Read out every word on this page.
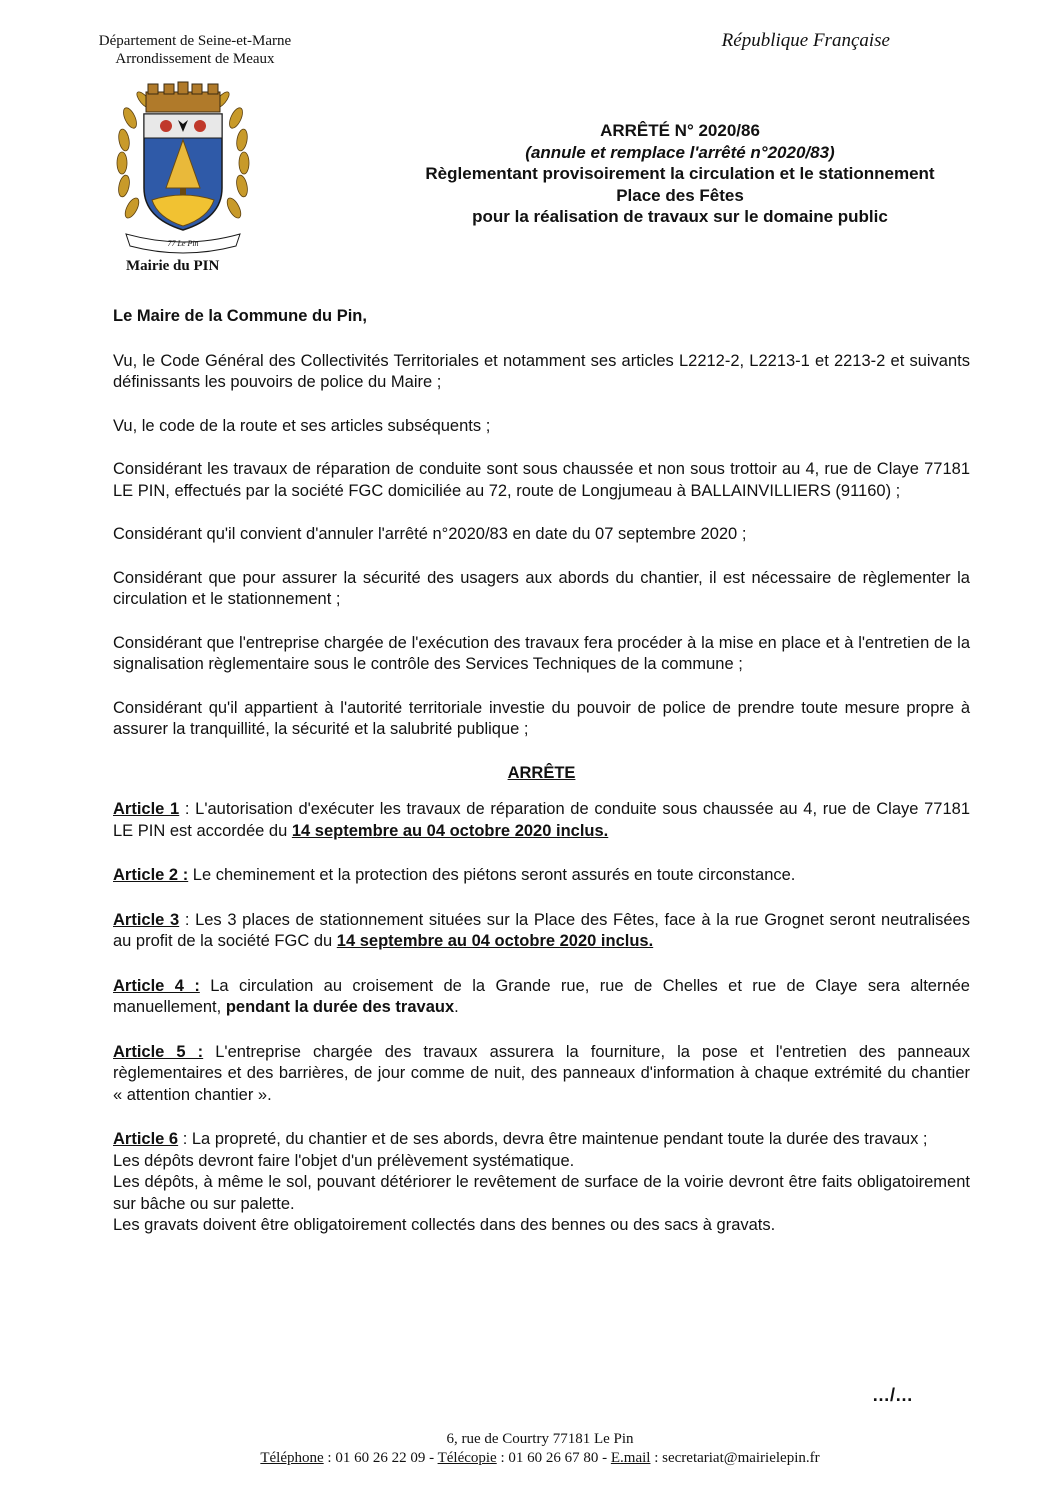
Département de Seine-et-Marne
Arrondissement de Meaux
République Française
77 Le Pin
Mairie du PIN
ARRÊTÉ N° 2020/86
(annule et remplace l'arrêté n°2020/83)
Règlementant provisoirement la circulation et le stationnement
Place des Fêtes
pour la réalisation de travaux sur le domaine public

Le Maire de la Commune du Pin,

Vu, le Code Général des Collectivités Territoriales et notamment ses articles L2212-2, L2213-1 et 2213-2 et suivants définissants les pouvoirs de police du Maire ;

Vu, le code de la route et ses articles subséquents ;

Considérant les travaux de réparation de conduite sont sous chaussée et non sous trottoir au 4, rue de Claye 77181 LE PIN, effectués par la société FGC domiciliée au 72, route de Longjumeau à BALLAINVILLIERS (91160) ;

Considérant qu'il convient d'annuler l'arrêté n°2020/83 en date du 07 septembre 2020 ;

Considérant que pour assurer la sécurité des usagers aux abords du chantier, il est nécessaire de règlementer la circulation et le stationnement ;

Considérant que l'entreprise chargée de l'exécution des travaux fera procéder à la mise en place et à l'entretien de la signalisation règlementaire sous le contrôle des Services Techniques de la commune ;

Considérant qu'il appartient à l'autorité territoriale investie du pouvoir de police de prendre toute mesure propre à assurer la tranquillité, la sécurité et la salubrité publique ;

ARRÊTE

Article 1 : L'autorisation d'exécuter les travaux de réparation de conduite sous chaussée au 4, rue de Claye 77181 LE PIN est accordée du 14 septembre au 04 octobre 2020 inclus.

Article 2 : Le cheminement et la protection des piétons seront assurés en toute circonstance.

Article 3 : Les 3 places de stationnement situées sur la Place des Fêtes, face à la rue Grognet seront neutralisées au profit de la société FGC du 14 septembre au 04 octobre 2020 inclus.

Article 4 : La circulation au croisement de la Grande rue, rue de Chelles et rue de Claye sera alternée manuellement, pendant la durée des travaux.

Article 5 : L'entreprise chargée des travaux assurera la fourniture, la pose et l'entretien des panneaux règlementaires et des barrières, de jour comme de nuit, des panneaux d'information à chaque extrémité du chantier « attention chantier ».

Article 6 : La propreté, du chantier et de ses abords, devra être maintenue pendant toute la durée des travaux ;

Les dépôts devront faire l'objet d'un prélèvement systématique.

Les dépôts, à même le sol, pouvant détériorer le revêtement de surface de la voirie devront être faits obligatoirement sur bâche ou sur palette.

Les gravats doivent être obligatoirement collectés dans des bennes ou des sacs à gravats.

…/…
6, rue de Courtry 77181 Le Pin
Téléphone : 01 60 26 22 09 - Télécopie : 01 60 26 67 80 - E.mail : secretariat@mairielepin.fr
